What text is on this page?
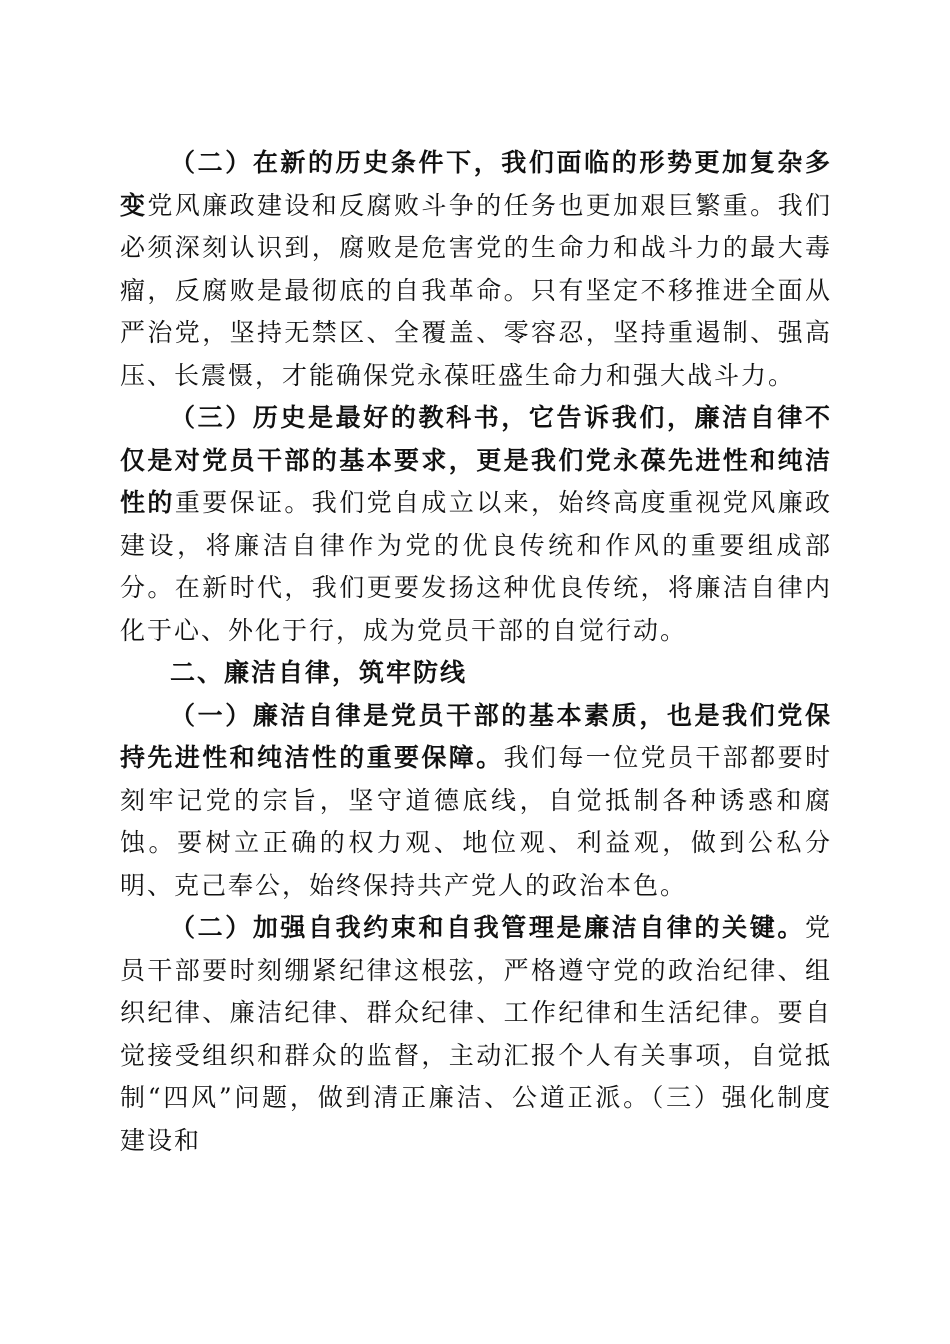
（二）在新的历史条件下，我们面临的形势更加复杂多变党风廉政建设和反腐败斗争的任务也更加艰巨繁重。我们必须深刻认识到，腐败是危害党的生命力和战斗力的最大毒瘤，反腐败是最彻底的自我革命。只有坚定不移推进全面从严治党，坚持无禁区、全覆盖、零容忍，坚持重遏制、强高压、长震慑，才能确保党永葆旺盛生命力和强大战斗力。

（三）历史是最好的教科书，它告诉我们，廉洁自律不仅是对党员干部的基本要求，更是我们党永葆先进性和纯洁性的重要保证。我们党自成立以来，始终高度重视党风廉政建设，将廉洁自律作为党的优良传统和作风的重要组成部分。在新时代，我们更要发扬这种优良传统，将廉洁自律内化于心、外化于行，成为党员干部的自觉行动。

二、廉洁自律，筑牢防线

（一）廉洁自律是党员干部的基本素质，也是我们党保持先进性和纯洁性的重要保障。我们每一位党员干部都要时刻牢记党的宗旨，坚守道德底线，自觉抵制各种诱惑和腐蚀。要树立正确的权力观、地位观、利益观，做到公私分明、克己奉公，始终保持共产党人的政治本色。

（二）加强自我约束和自我管理是廉洁自律的关键。党员干部要时刻绷紧纪律这根弦，严格遵守党的政治纪律、组织纪律、廉洁纪律、群众纪律、工作纪律和生活纪律。要自觉接受组织和群众的监督，主动汇报个人有关事项，自觉抵制“四风”问题，做到清正廉洁、公道正派。（三）强化制度建设和
